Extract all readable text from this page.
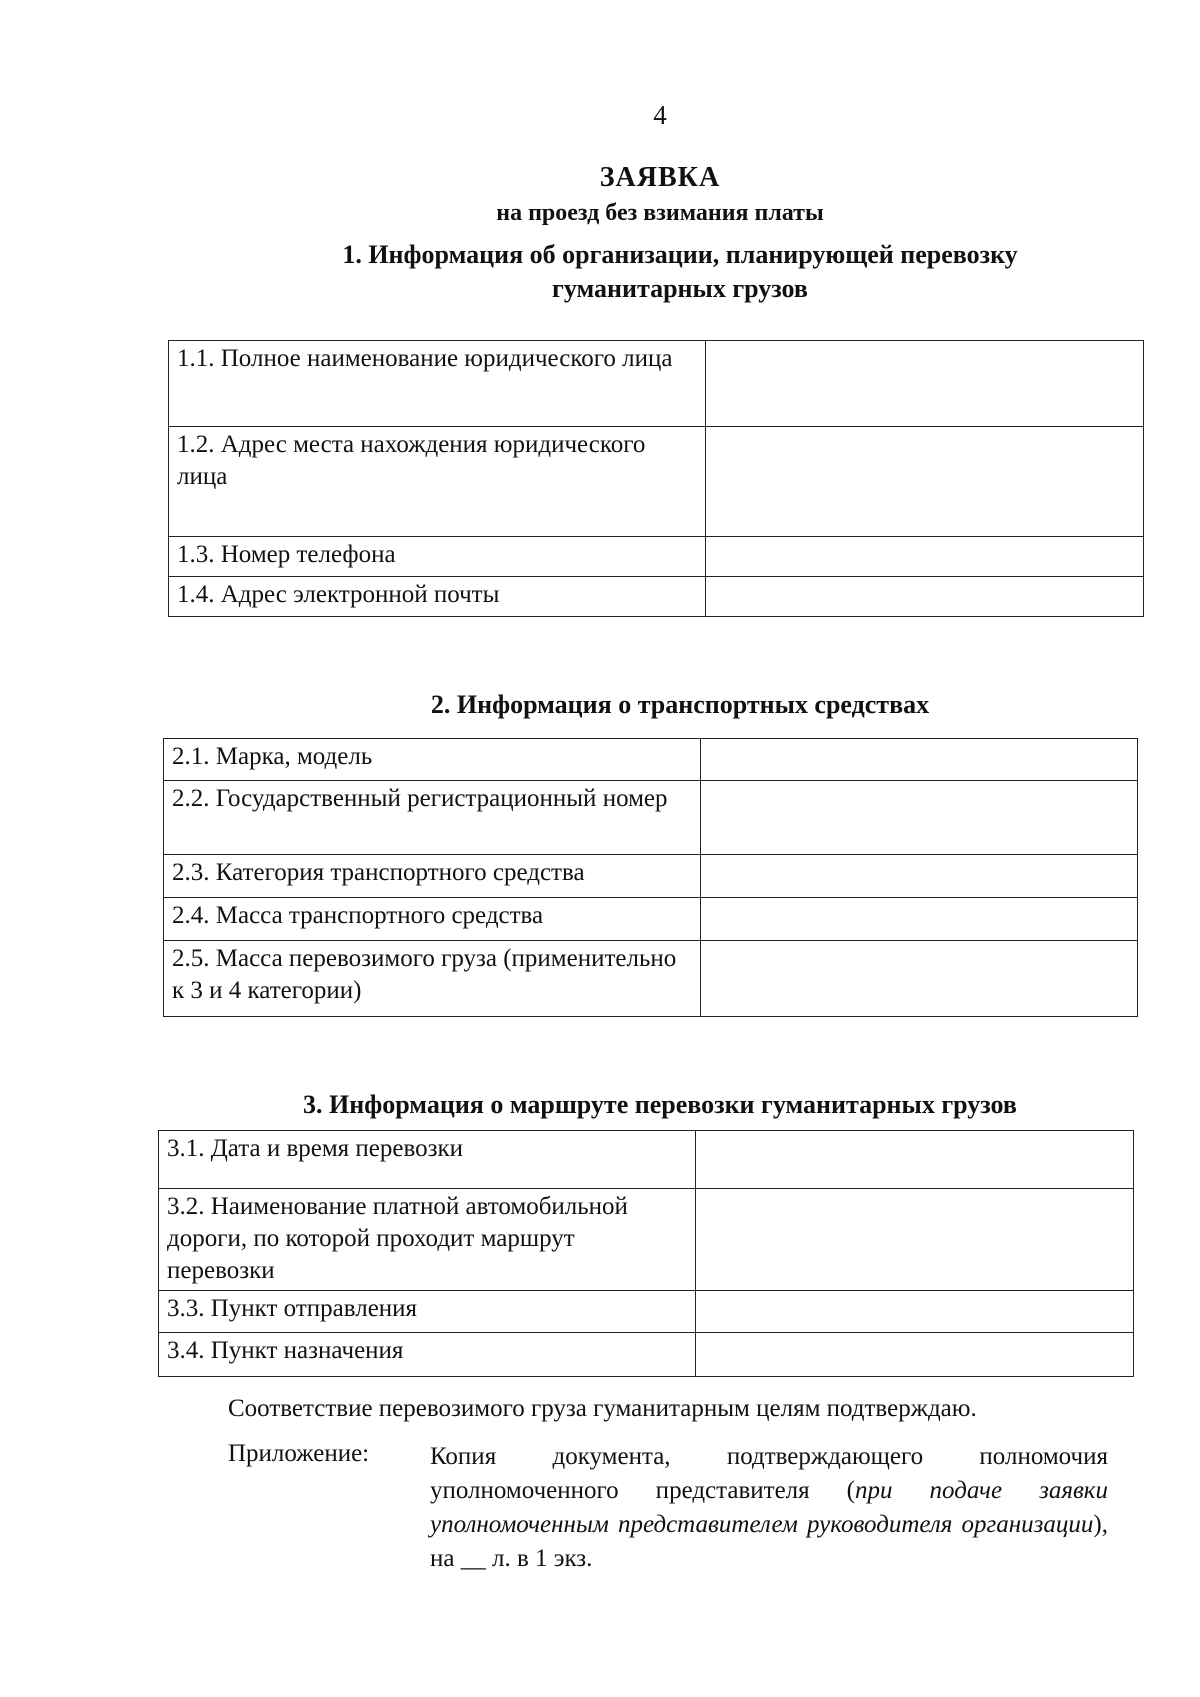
4
ЗАЯВКА
на проезд без взимания платы
1. Информация об организации, планирующей перевозку
гуманитарных грузов
1.1. Полное наименование юридического лица	
1.2. Адрес места нахождения юридического лица	
1.3. Номер телефона	
1.4. Адрес электронной почты	
2. Информация о транспортных средствах
2.1. Марка, модель	
2.2. Государственный регистрационный номер	
2.3. Категория транспортного средства	
2.4. Масса транспортного средства	
2.5. Масса перевозимого груза (применительно к 3 и 4 категории)	
3. Информация о маршруте перевозки гуманитарных грузов
3.1. Дата и время перевозки	
3.2. Наименование платной автомобильной дороги, по которой проходит маршрут перевозки	
3.3. Пункт отправления	
3.4. Пункт назначения	
Соответствие перевозимого груза гуманитарным целям подтверждаю.
Приложение: Копия документа, подтверждающего полномочия уполномоченного представителя (при подаче заявки уполномоченным представителем руководителя организации), на __ л. в 1 экз.
